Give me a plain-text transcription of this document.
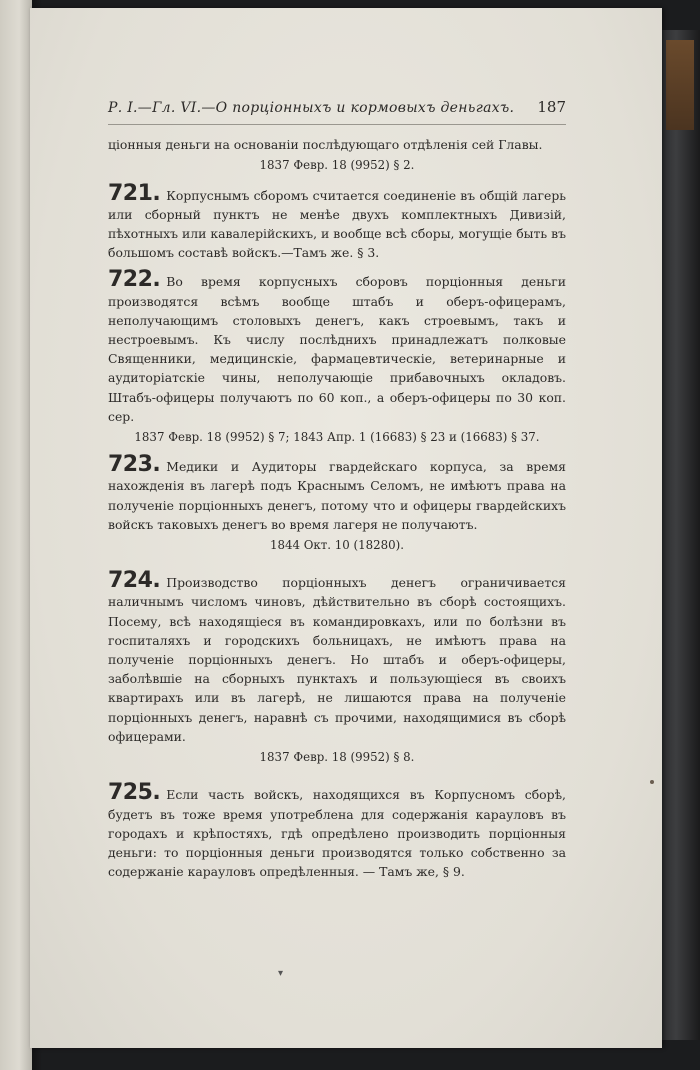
Р. І.—Гл. VI.—О порціонныхъ и кормовыхъ деньгахъ. 187

ціонныя деньги на основаніи послѣдующаго отдѣленія сей Главы.

1837 Февр. 18 (9952) § 2.
721. Корпуснымъ сборомъ считается соединеніе въ общій лагерь или сборный пунктъ не менѣе двухъ комплектныхъ Дивизій, пѣхотныхъ или кавалерійскихъ, и вообще всѣ сборы, могущіе быть въ большомъ составѣ войскъ.—Тамъ же. § 3.
722. Во время корпусныхъ сборовъ порціонныя деньги производятся всѣмъ вообще штабъ и оберъ-офицерамъ, неполучающимъ столовыхъ денегъ, какъ строевымъ, такъ и нестроевымъ. Къ числу послѣднихъ принадлежатъ полковые Священники, медицинскіе, фармацевтическіе, ветеринарные и аудиторіатскіе чины, неполучающіе прибавочныхъ окладовъ. Штабъ-офицеры получаютъ по 60 коп., а оберъ-офицеры по 30 коп. сер.
1837 Февр. 18 (9952) § 7; 1843 Апр. 1 (16683) § 23 и (16683) § 37.
723. Медики и Аудиторы гвардейскаго корпуса, за время нахожденія въ лагерѣ подъ Краснымъ Селомъ, не имѣютъ права на полученіе порціонныхъ денегъ, потому что и офицеры гвардейскихъ войскъ таковыхъ денегъ во время лагеря не получаютъ.
1844 Окт. 10 (18280).
724. Производство порціонныхъ денегъ ограничивается наличнымъ числомъ чиновъ, дѣйствительно въ сборѣ состоящихъ. Посему, всѣ находящіеся въ командировкахъ, или по болѣзни въ госпиталяхъ и городскихъ больницахъ, не имѣютъ права на полученіе порціонныхъ денегъ. Но штабъ и оберъ-офицеры, заболѣвшіе на сборныхъ пунктахъ и пользующіеся въ своихъ квартирахъ или въ лагерѣ, не лишаются права на полученіе порціонныхъ денегъ, наравнѣ съ прочими, находящимися въ сборѣ офицерами.
1837 Февр. 18 (9952) § 8.
725. Если часть войскъ, находящихся въ Корпусномъ сборѣ, будетъ въ тоже время употреблена для содержанія карауловъ въ городахъ и крѣпостяхъ, гдѣ опредѣлено производить порціонныя деньги: то порціонныя деньги производятся только собственно за содержаніе карауловъ опредѣленныя. — Тамъ же, § 9.
▾
